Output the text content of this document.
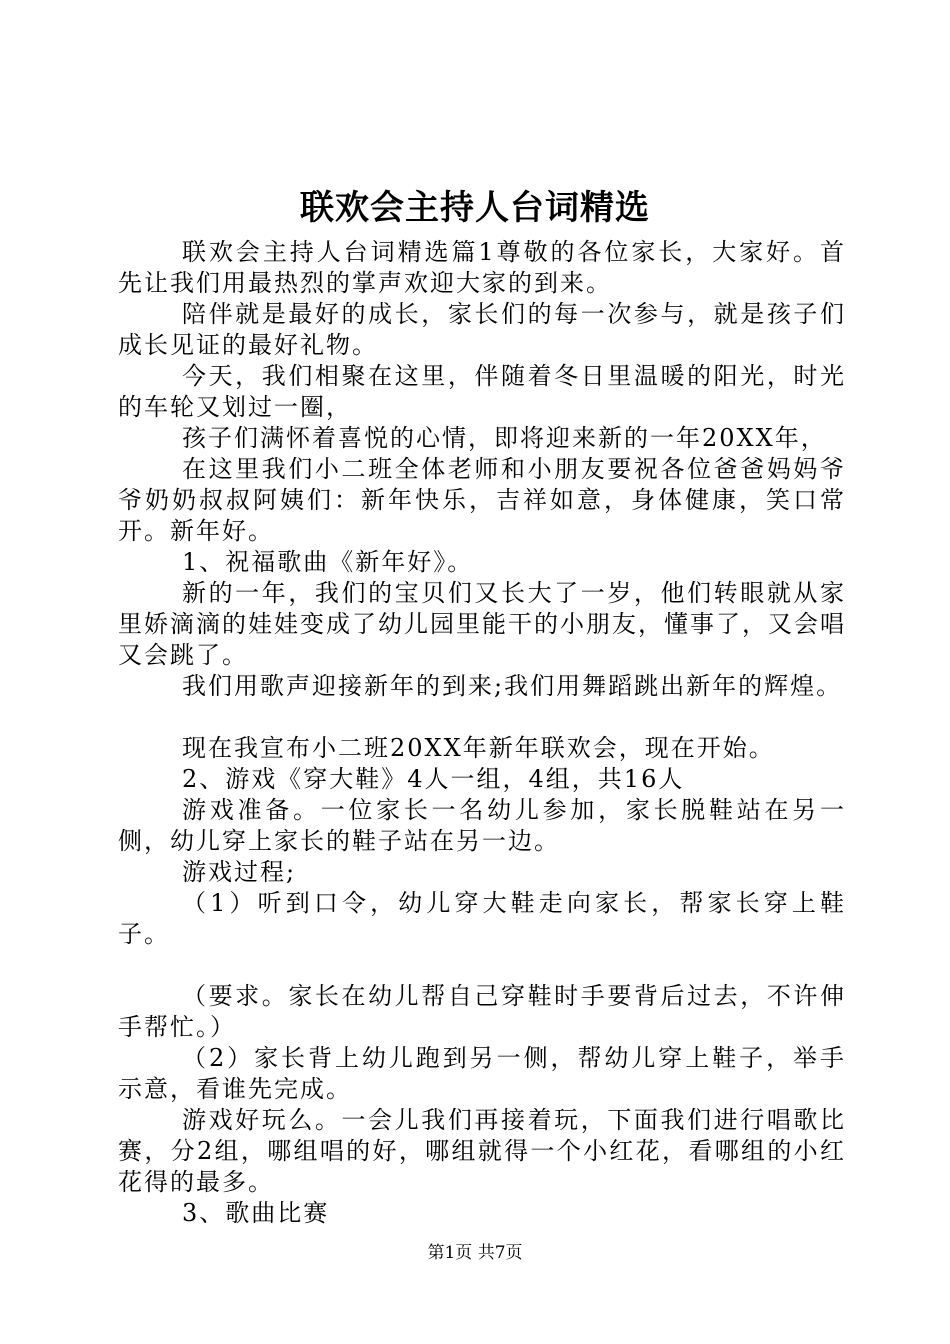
联欢会主持人台词精选

联欢会主持人台词精选篇1尊敬的各位家长，大家好。首先让我们用最热烈的掌声欢迎大家的到来。

陪伴就是最好的成长，家长们的每一次参与，就是孩子们成长见证的最好礼物。

今天，我们相聚在这里，伴随着冬日里温暖的阳光，时光的车轮又划过一圈，

孩子们满怀着喜悦的心情，即将迎来新的一年20XX年，

在这里我们小二班全体老师和小朋友要祝各位爸爸妈妈爷爷奶奶叔叔阿姨们：新年快乐，吉祥如意，身体健康，笑口常开。新年好。

1、祝福歌曲《新年好》。

新的一年，我们的宝贝们又长大了一岁，他们转眼就从家里娇滴滴的娃娃变成了幼儿园里能干的小朋友，懂事了，又会唱又会跳了。

我们用歌声迎接新年的到来;我们用舞蹈跳出新年的辉煌。

现在我宣布小二班20XX年新年联欢会，现在开始。

2、游戏《穿大鞋》4人一组，4组，共16人

游戏准备。一位家长一名幼儿参加，家长脱鞋站在另一侧，幼儿穿上家长的鞋子站在另一边。

游戏过程;

（1）听到口令，幼儿穿大鞋走向家长，帮家长穿上鞋子。

（要求。家长在幼儿帮自己穿鞋时手要背后过去，不许伸手帮忙。）

（2）家长背上幼儿跑到另一侧，帮幼儿穿上鞋子，举手示意，看谁先完成。

游戏好玩么。一会儿我们再接着玩，下面我们进行唱歌比赛，分2组，哪组唱的好，哪组就得一个小红花，看哪组的小红花得的最多。

3、歌曲比赛

第1页 共7页
